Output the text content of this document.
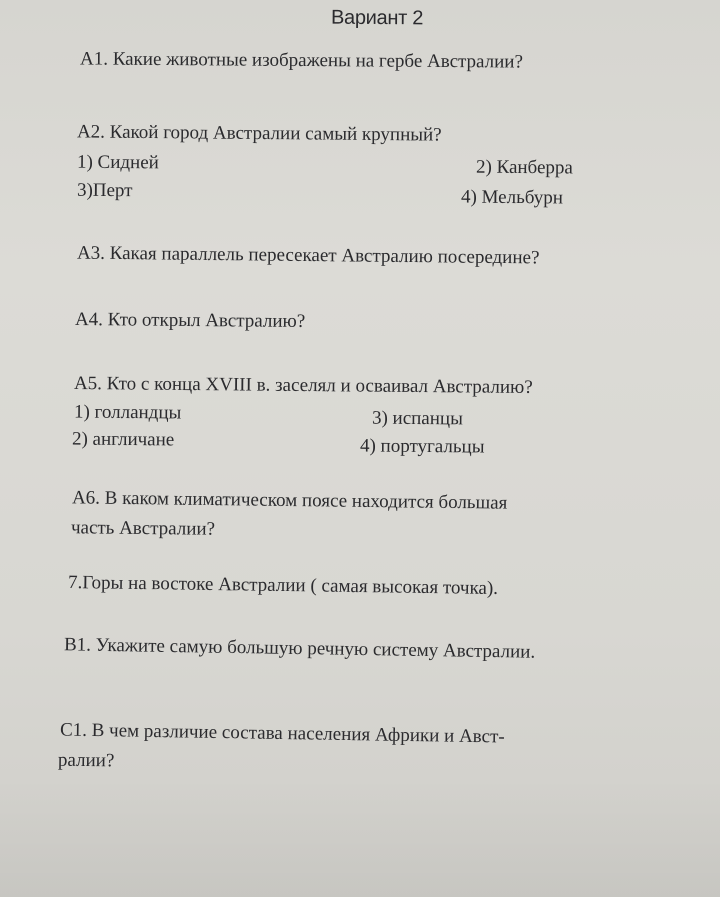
Вариант 2
А1. Какие животные изображены на гербе Австралии?
А2. Какой город Австралии самый крупный?
1) Сидней	2) Канберра
3)Перт	4) Мельбурн
А3. Какая параллель пересекает Австралию посередине?
А4. Кто открыл Австралию?
А5. Кто с конца XVIII в. заселял и осваивал Австралию?
1) голландцы	3) испанцы
2) англичане	4) португальцы
А6. В каком климатическом поясе находится большая
часть Австралии?
7.Горы на востоке Австралии ( самая высокая точка).
В1. Укажите самую большую речную систему Австралии.
С1. В чем различие состава населения Африки и Авст-
ралии?
